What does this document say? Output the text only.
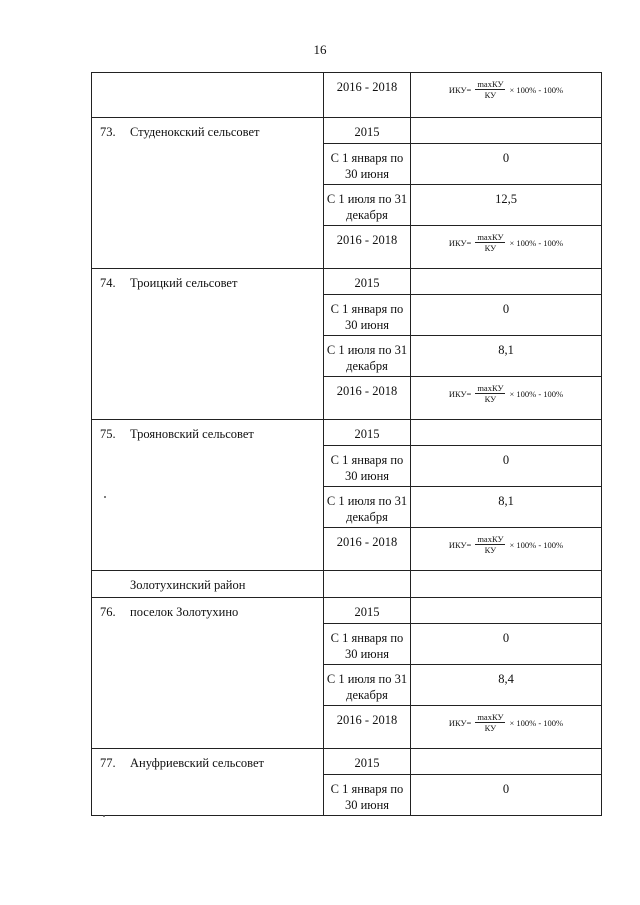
16
	2016 - 2018	ИКУ = $\frac{\max КУ}{КУ} \times 100\% - 100\%$

73. Студенокский сельсовет	2015	
	С 1 января по 30 июня	0
	С 1 июля по 31 декабря	12,5
	2016 - 2018	ИКУ = $\frac{\max КУ}{КУ} \times 100\% - 100\%$

74. Троицкий сельсовет	2015	
	С 1 января по 30 июня	0
	С 1 июля по 31 декабря	8,1
	2016 - 2018	ИКУ = $\frac{\max КУ}{КУ} \times 100\% - 100\%$

75. Трояновский сельсовет	2015	
	С 1 января по 30 июня	0
	С 1 июля по 31 декабря	8,1
	2016 - 2018	ИКУ = $\frac{\max КУ}{КУ} \times 100\% - 100\%$

Золотухинский район		
76. поселок Золотухино	2015	
	С 1 января по 30 июня	0
	С 1 июля по 31 декабря	8,4
	2016 - 2018	ИКУ = $\frac{\max КУ}{КУ} \times 100\% - 100\%$

77. Ануфриевский сельсовет	2015	
	С 1 января по 30 июня	0
